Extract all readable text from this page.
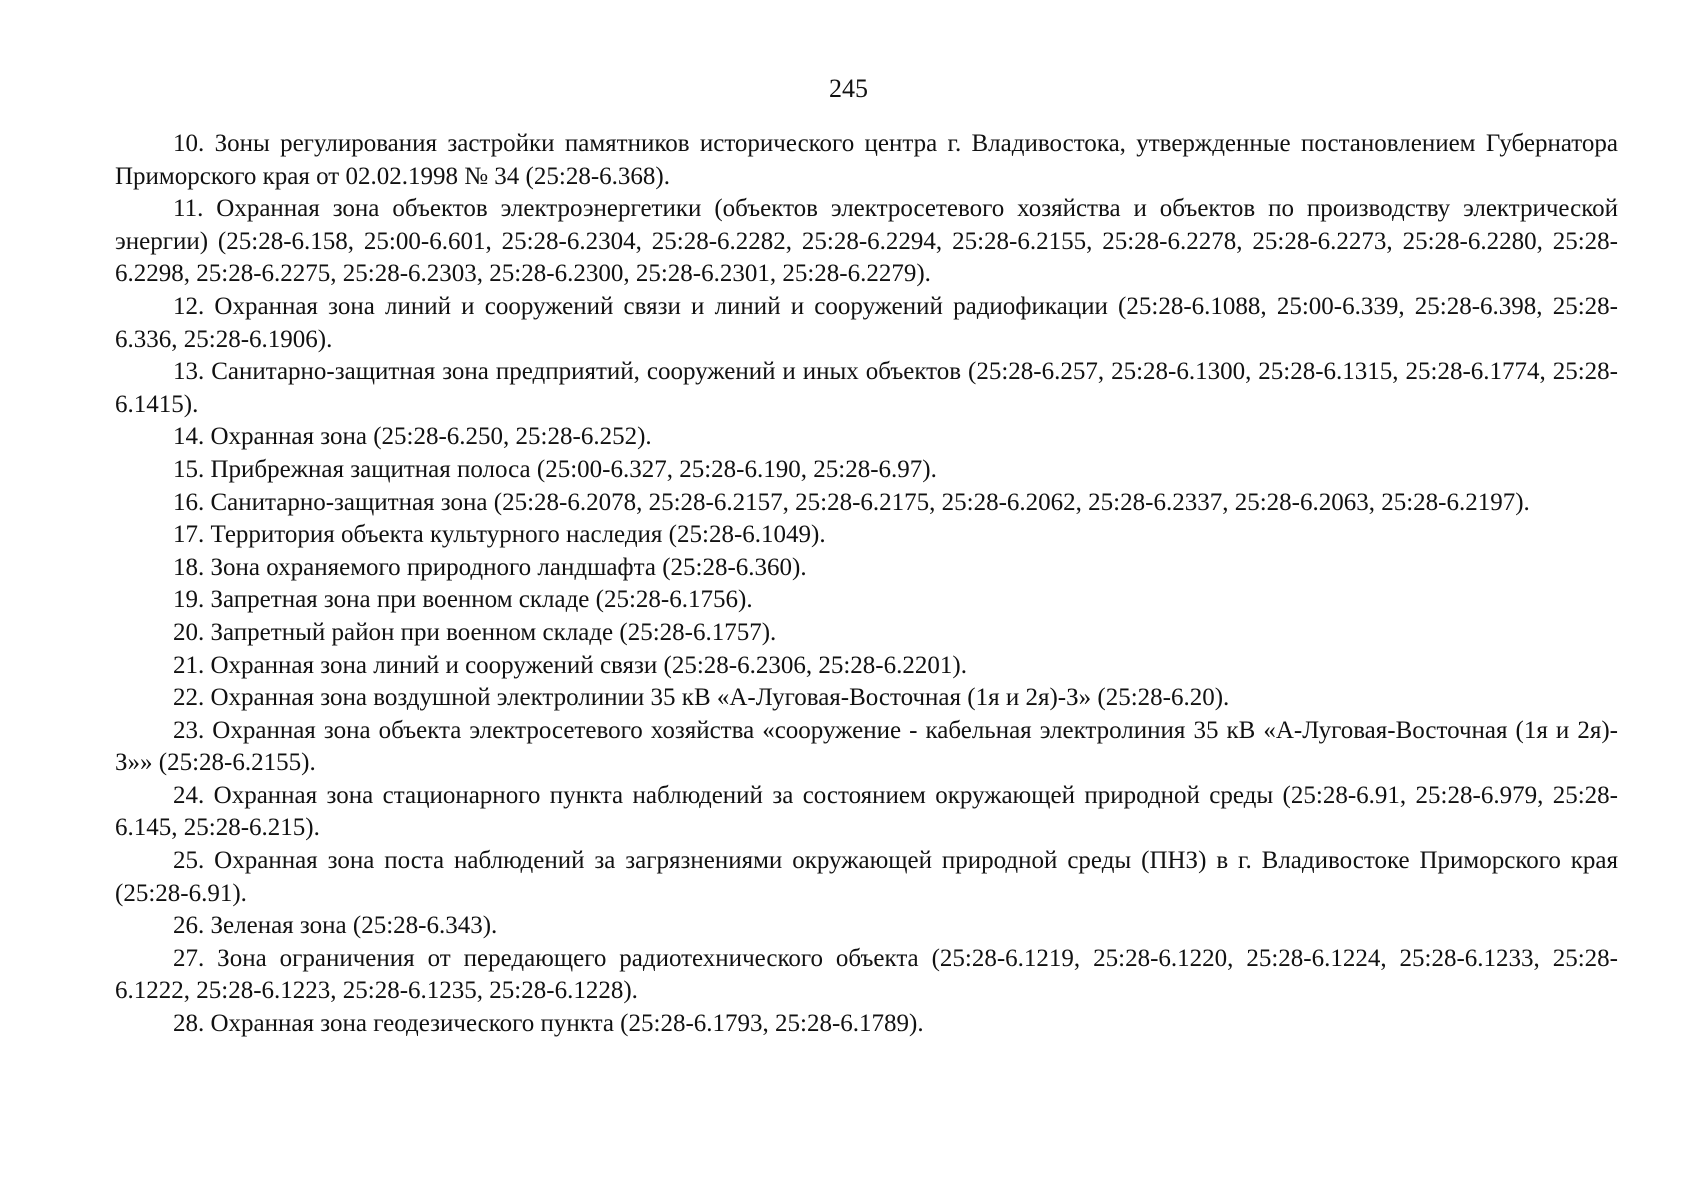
245

10. Зоны регулирования застройки памятников исторического центра г. Владивостока, утвержденные постановлением Губернатора Приморского края от 02.02.1998 № 34 (25:28-6.368).

11. Охранная зона объектов электроэнергетики (объектов электросетевого хозяйства и объектов по производству электрической энергии) (25:28-6.158, 25:00-6.601, 25:28-6.2304, 25:28-6.2282, 25:28-6.2294, 25:28-6.2155, 25:28-6.2278, 25:28-6.2273, 25:28-6.2280, 25:28-6.2298, 25:28-6.2275, 25:28-6.2303, 25:28-6.2300, 25:28-6.2301, 25:28-6.2279).

12. Охранная зона линий и сооружений связи и линий и сооружений радиофикации (25:28-6.1088, 25:00-6.339, 25:28-6.398, 25:28-6.336, 25:28-6.1906).

13. Санитарно-защитная зона предприятий, сооружений и иных объектов (25:28-6.257, 25:28-6.1300, 25:28-6.1315, 25:28-6.1774, 25:28-6.1415).

14. Охранная зона (25:28-6.250, 25:28-6.252).

15. Прибрежная защитная полоса (25:00-6.327, 25:28-6.190, 25:28-6.97).

16. Санитарно-защитная зона (25:28-6.2078, 25:28-6.2157, 25:28-6.2175, 25:28-6.2062, 25:28-6.2337, 25:28-6.2063, 25:28-6.2197).

17. Территория объекта культурного наследия (25:28-6.1049).

18. Зона охраняемого природного ландшафта (25:28-6.360).

19. Запретная зона при военном складе (25:28-6.1756).

20. Запретный район при военном складе (25:28-6.1757).

21. Охранная зона линий и сооружений связи (25:28-6.2306, 25:28-6.2201).

22. Охранная зона воздушной электролинии 35 кВ «А-Луговая-Восточная (1я и 2я)-З» (25:28-6.20).

23. Охранная зона объекта электросетевого хозяйства «сооружение - кабельная электролиния 35 кВ «А-Луговая-Восточная (1я и 2я)-З»» (25:28-6.2155).

24. Охранная зона стационарного пункта наблюдений за состоянием окружающей природной среды (25:28-6.91, 25:28-6.979, 25:28-6.145, 25:28-6.215).

25. Охранная зона поста наблюдений за загрязнениями окружающей природной среды (ПНЗ) в г. Владивостоке Приморского края (25:28-6.91).

26. Зеленая зона (25:28-6.343).

27. Зона ограничения от передающего радиотехнического объекта (25:28-6.1219, 25:28-6.1220, 25:28-6.1224, 25:28-6.1233, 25:28-6.1222, 25:28-6.1223, 25:28-6.1235, 25:28-6.1228).

28. Охранная зона геодезического пункта (25:28-6.1793, 25:28-6.1789).
